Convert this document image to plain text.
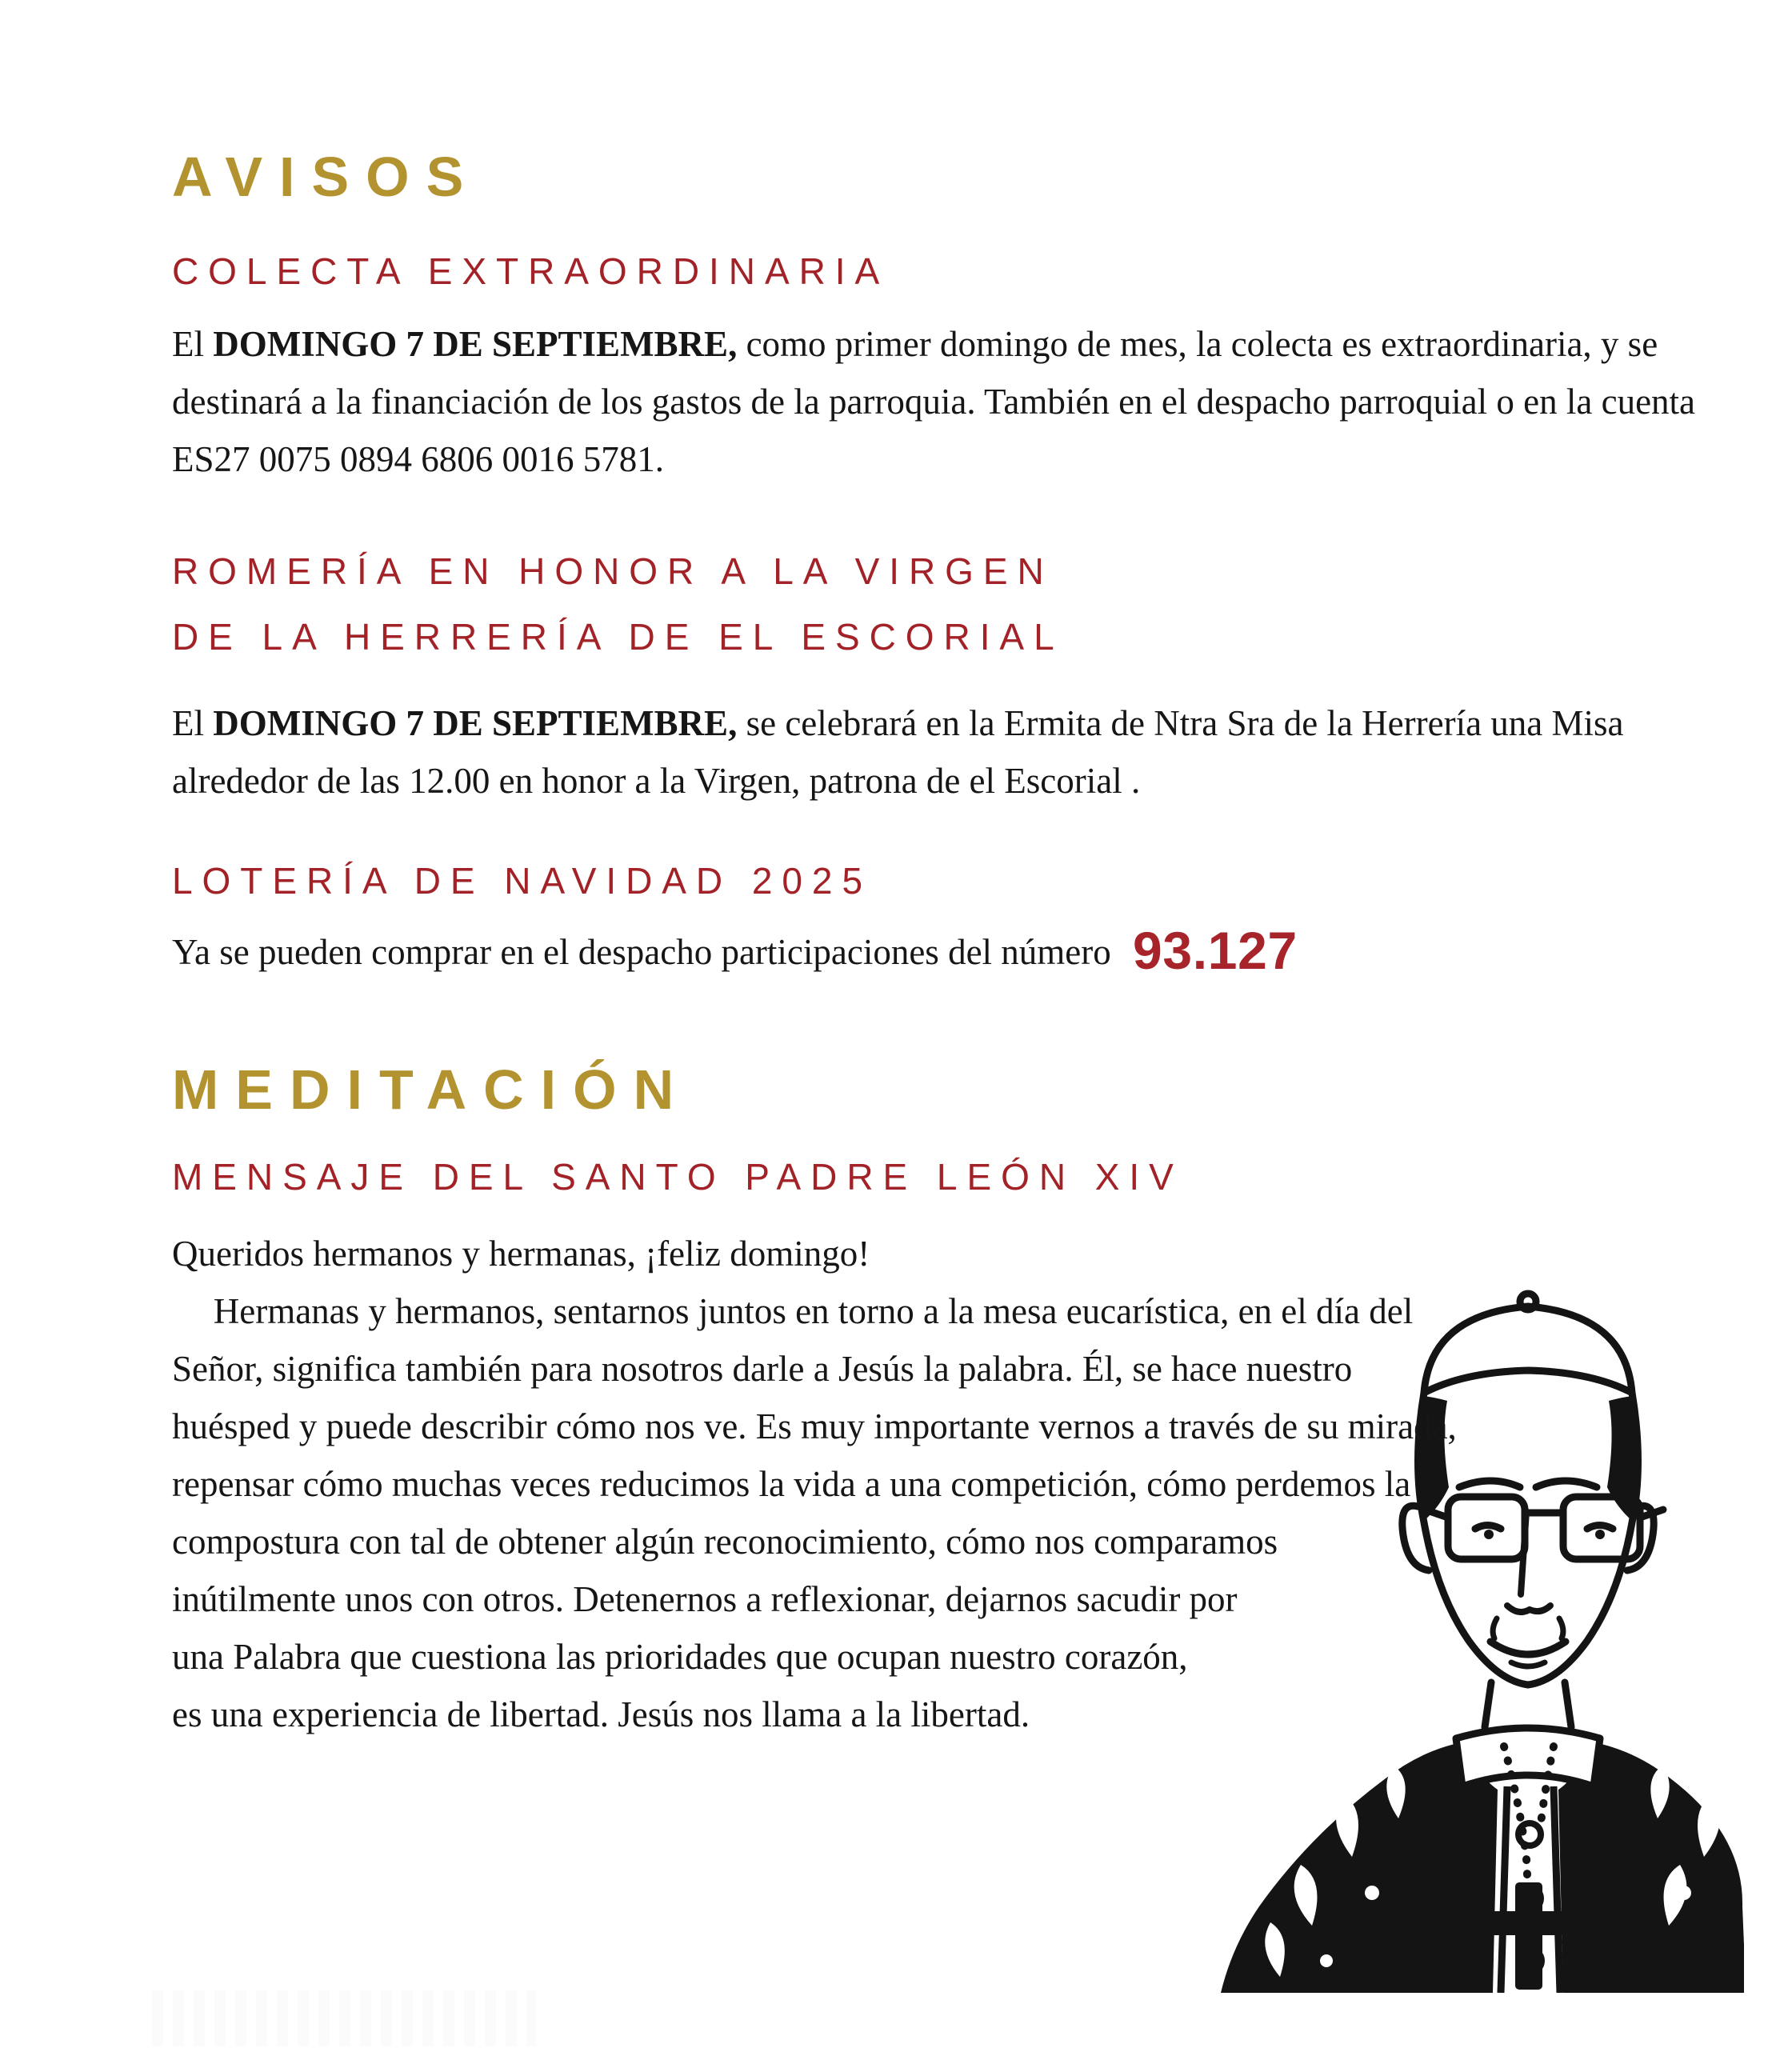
AVISOS
COLECTA EXTRAORDINARIA

El DOMINGO 7 DE SEPTIEMBRE, como primer domingo de mes, la colecta es extraordinaria, y se destinará a la financiación de los gastos de la parroquia. También en el despacho parroquial o en la cuenta ES27 0075 0894 6806 0016 5781.

ROMERÍA EN HONOR A LA VIRGEN
DE LA HERRERÍA DE EL ESCORIAL

El DOMINGO 7 DE SEPTIEMBRE, se celebrará en la Ermita de Ntra Sra de la Herrería una Misa alrededor de las 12.00 en honor a la Virgen, patrona de el Escorial .

LOTERÍA DE NAVIDAD 2025

Ya se pueden comprar en el despacho participaciones del número 93.127

MEDITACIÓN
MENSAJE DEL SANTO PADRE LEÓN XIV

Queridos hermanos y hermanas, ¡feliz domingo!

Hermanas y hermanos, sentarnos juntos en torno a la mesa eucarística, en el día del Señor, significa también para nosotros darle a Jesús la palabra. Él, se hace nuestro huésped y puede describir cómo nos ve. Es muy importante vernos a través de su mirada, repensar cómo muchas veces reducimos la vida a una competición, cómo perdemos la compostura con tal de obtener algún reconocimiento, cómo nos comparamos inútilmente unos con otros. Detenernos a reflexionar, dejarnos sacudir por una Palabra que cuestiona las prioridades que ocupan nuestro corazón, es una experiencia de libertad. Jesús nos llama a la libertad.
